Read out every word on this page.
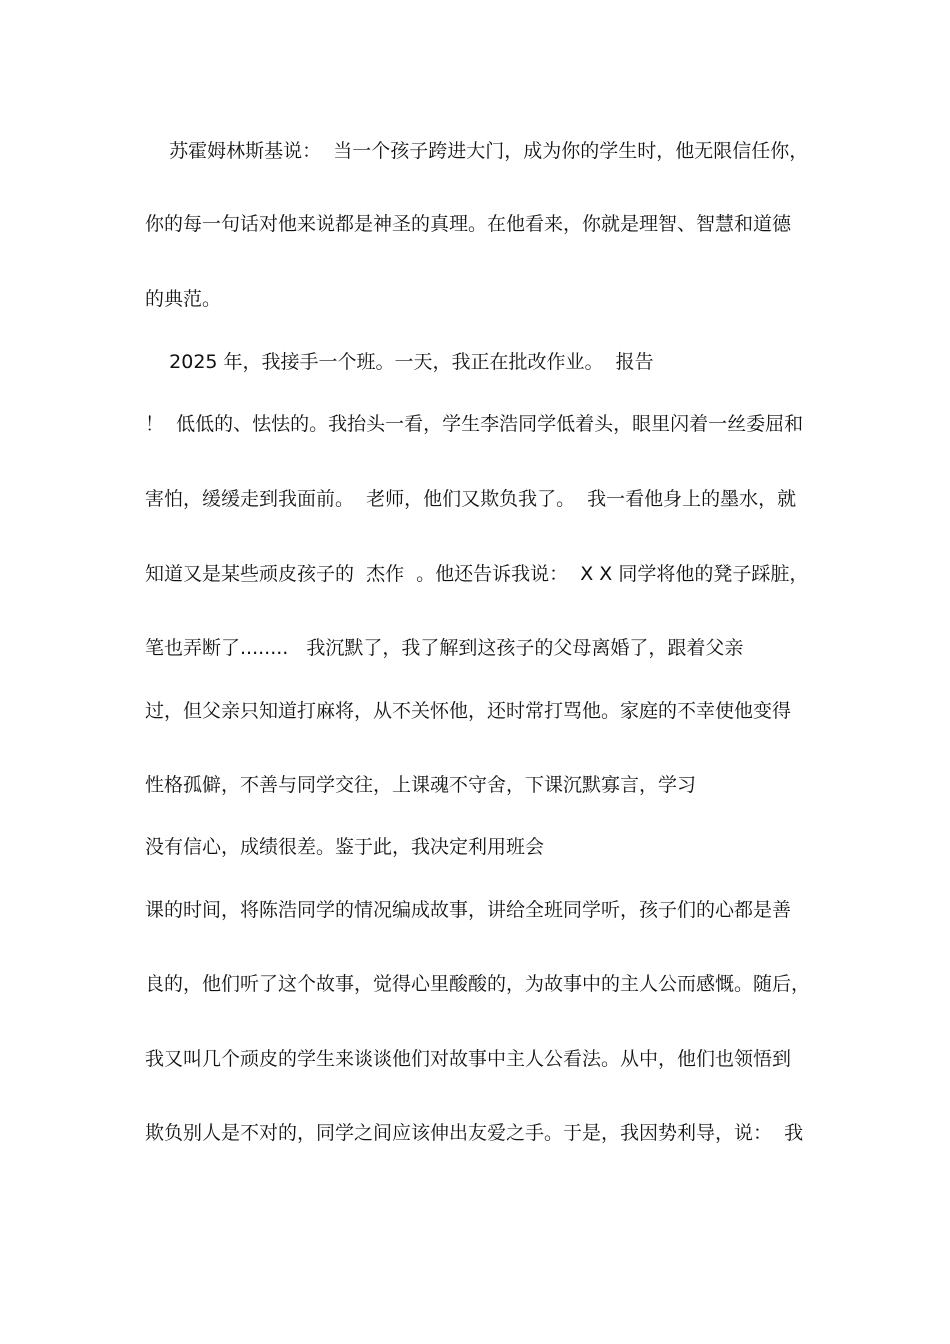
苏霍姆林斯基说：  当一个孩子跨进大门，成为你的学生时，他无限信任你，

你的每一句话对他来说都是神圣的真理。在他看来，你就是理智、智慧和道德

的典范。

2025 年，我接手一个班。一天，我正在批改作业。  报告

！  低低的、怯怯的。我抬头一看，学生李浩同学低着头，眼里闪着一丝委屈和

害怕，缓缓走到我面前。  老师，他们又欺负我了。  我一看他身上的墨水，就

知道又是某些顽皮孩子的  杰作  。他还告诉我说：  X X 同学将他的凳子踩脏，

笔也弄断了........   我沉默了，我了解到这孩子的父母离婚了，跟着父亲

过，但父亲只知道打麻将，从不关怀他，还时常打骂他。家庭的不幸使他变得

性格孤僻，不善与同学交往，上课魂不守舍，下课沉默寡言，学习

没有信心，成绩很差。鉴于此，我决定利用班会

课的时间，将陈浩同学的情况编成故事，讲给全班同学听，孩子们的心都是善

良的，他们听了这个故事，觉得心里酸酸的，为故事中的主人公而感慨。随后，

我又叫几个顽皮的学生来谈谈他们对故事中主人公看法。从中，他们也领悟到

欺负别人是不对的，同学之间应该伸出友爱之手。于是，我因势利导，说：  我
